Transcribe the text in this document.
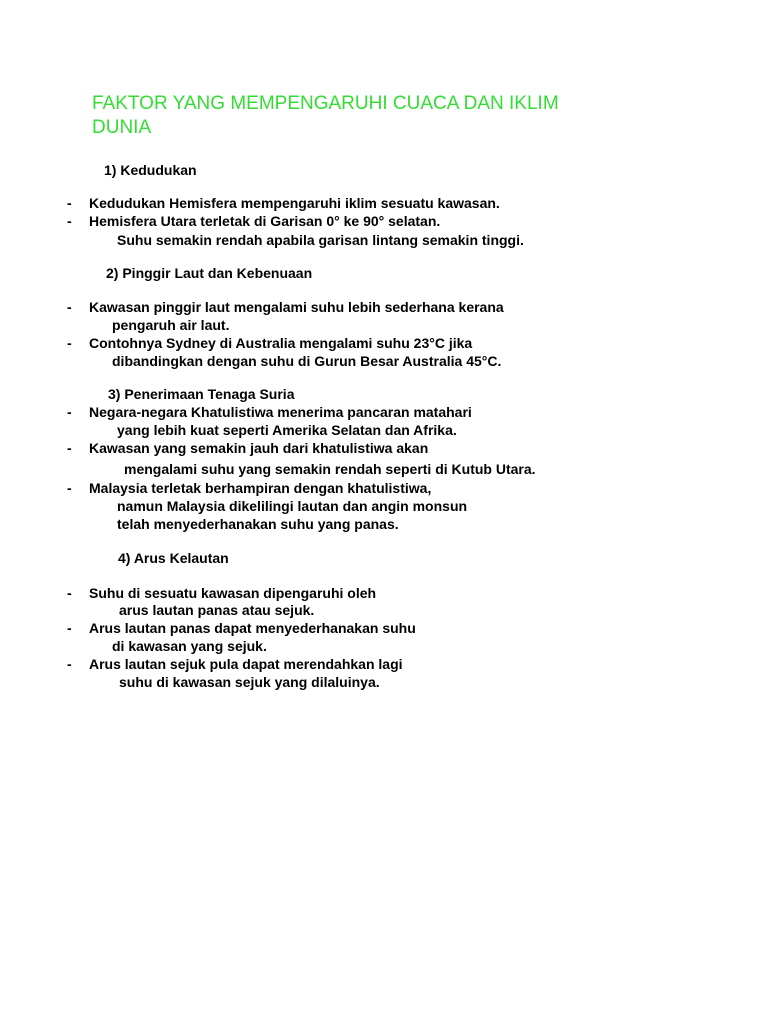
FAKTOR YANG MEMPENGARUHI CUACA DAN IKLIM
DUNIA
1) Kedudukan
- Kedudukan Hemisfera mempengaruhi iklim sesuatu kawasan.
- Hemisfera Utara terletak di Garisan 0° ke 90° selatan.
Suhu semakin rendah apabila garisan lintang semakin tinggi.
2) Pinggir Laut dan Kebenuaan
- Kawasan pinggir laut mengalami suhu lebih sederhana kerana
pengaruh air laut.
- Contohnya Sydney di Australia mengalami suhu 23°C jika
dibandingkan dengan suhu di Gurun Besar Australia 45°C.
3) Penerimaan Tenaga Suria
- Negara-negara Khatulistiwa menerima pancaran matahari
yang lebih kuat seperti Amerika Selatan dan Afrika.
- Kawasan yang semakin jauh dari khatulistiwa akan
mengalami suhu yang semakin rendah seperti di Kutub Utara.
- Malaysia terletak berhampiran dengan khatulistiwa,
namun Malaysia dikelilingi lautan dan angin monsun
telah menyederhanakan suhu yang panas.
4) Arus Kelautan
- Suhu di sesuatu kawasan dipengaruhi oleh
arus lautan panas atau sejuk.
- Arus lautan panas dapat menyederhanakan suhu
di kawasan yang sejuk.
- Arus lautan sejuk pula dapat merendahkan lagi
suhu di kawasan sejuk yang dilaluinya.
